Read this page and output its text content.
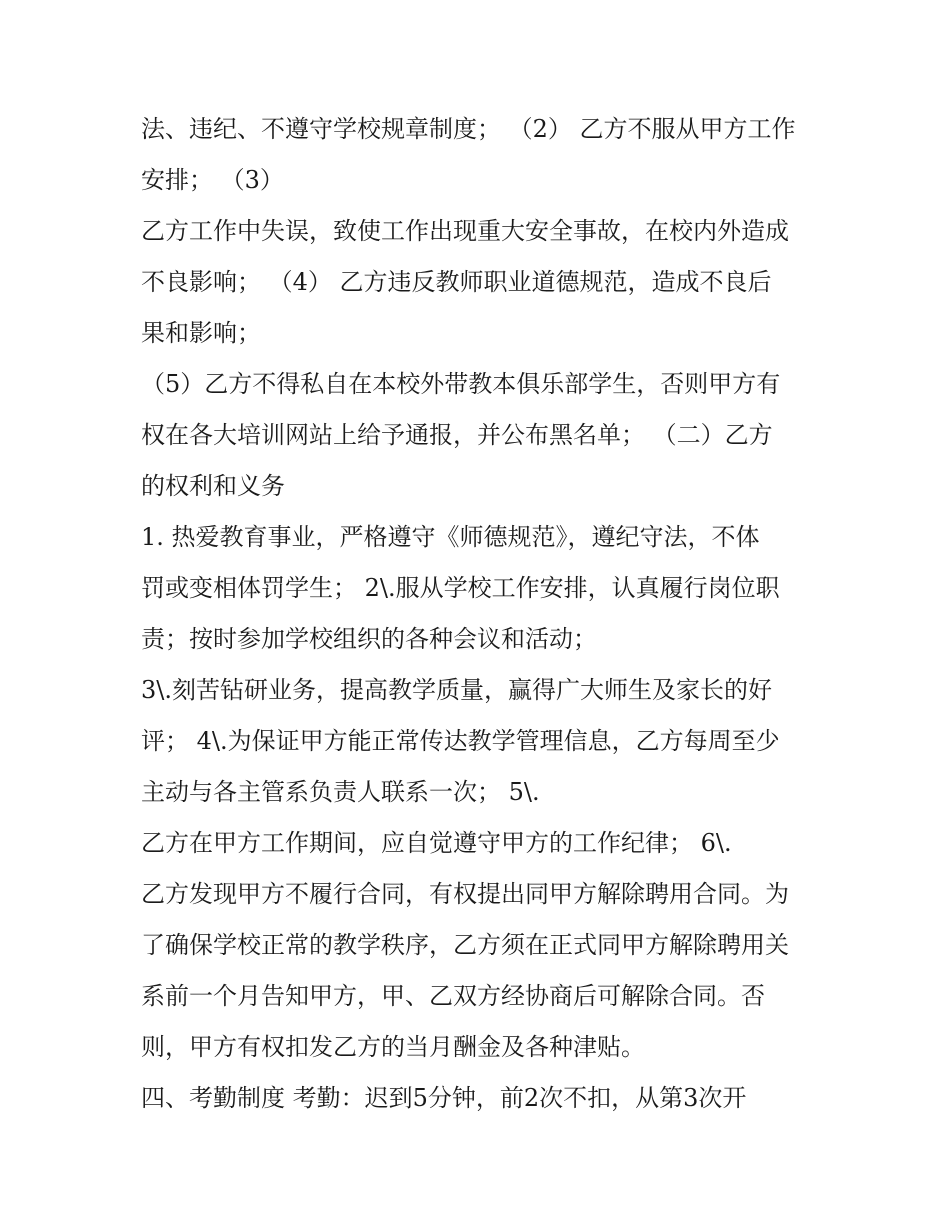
法、违纪、不遵守学校规章制度； （2） 乙方不服从甲方工作
安排； （3）
乙方工作中失误，致使工作出现重大安全事故，在校内外造成
不良影响； （4） 乙方违反教师职业道德规范，造成不良后
果和影响；
（5）乙方不得私自在本校外带教本俱乐部学生，否则甲方有
权在各大培训网站上给予通报，并公布黑名单； （二）乙方
的权利和义务
1. 热爱教育事业，严格遵守《师德规范》，遵纪守法，不体
罚或变相体罚学生； 2\.服从学校工作安排，认真履行岗位职
责；按时参加学校组织的各种会议和活动；
3\.刻苦钻研业务，提高教学质量，赢得广大师生及家长的好
评； 4\.为保证甲方能正常传达教学管理信息，乙方每周至少
主动与各主管系负责人联系一次； 5\.
乙方在甲方工作期间，应自觉遵守甲方的工作纪律； 6\.
乙方发现甲方不履行合同，有权提出同甲方解除聘用合同。为
了确保学校正常的教学秩序，乙方须在正式同甲方解除聘用关
系前一个月告知甲方，甲、乙双方经协商后可解除合同。否
则，甲方有权扣发乙方的当月酬金及各种津贴。
四、考勤制度 考勤：迟到5分钟，前2次不扣，从第3次开
